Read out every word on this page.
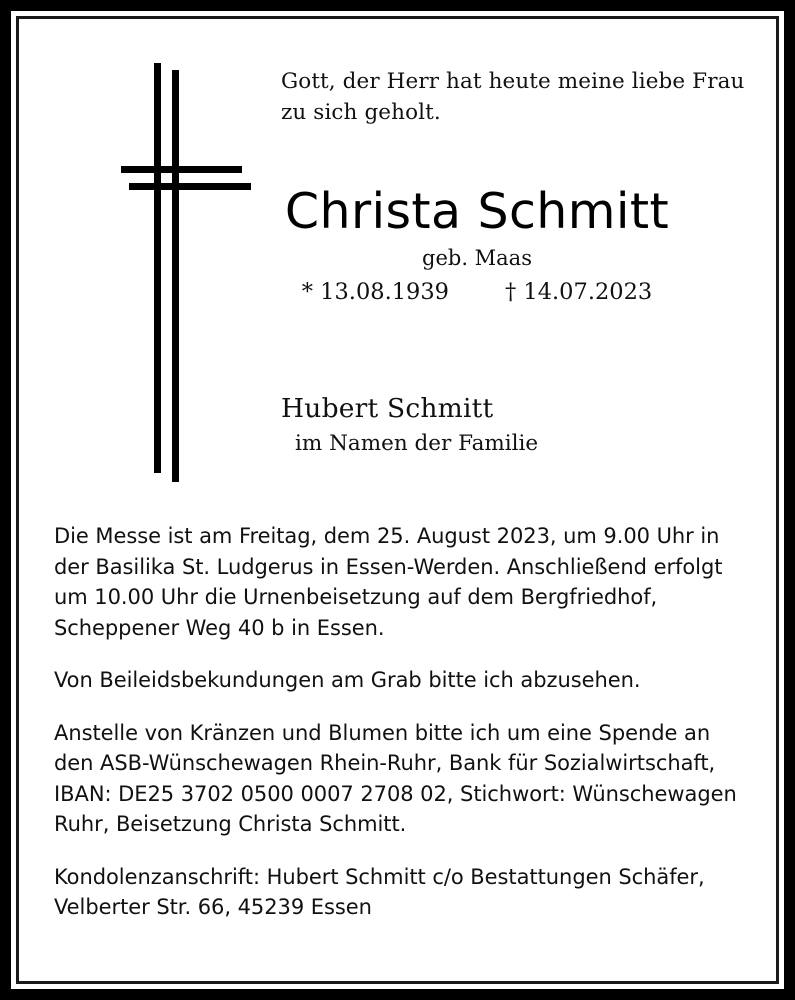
Gott, der Herr hat heute meine liebe Frau zu sich geholt.
Christa Schmitt
geb. Maas
* 13.08.1939 † 14.07.2023
Hubert Schmitt
im Namen der Familie

Die Messe ist am Freitag, dem 25. August 2023, um 9.00 Uhr in der Basilika St. Ludgerus in Essen-Werden. Anschließend erfolgt um 10.00 Uhr die Urnenbeisetzung auf dem Bergfriedhof, Scheppener Weg 40 b in Essen.

Von Beileidsbekundungen am Grab bitte ich abzusehen.

Anstelle von Kränzen und Blumen bitte ich um eine Spende an den ASB-Wünschewagen Rhein-Ruhr, Bank für Sozialwirtschaft, IBAN: DE25 3702 0500 0007 2708 02, Stichwort: Wünschewagen Ruhr, Beisetzung Christa Schmitt.

Kondolenzanschrift: Hubert Schmitt c/o Bestattungen Schäfer, Velberter Str. 66, 45239 Essen
